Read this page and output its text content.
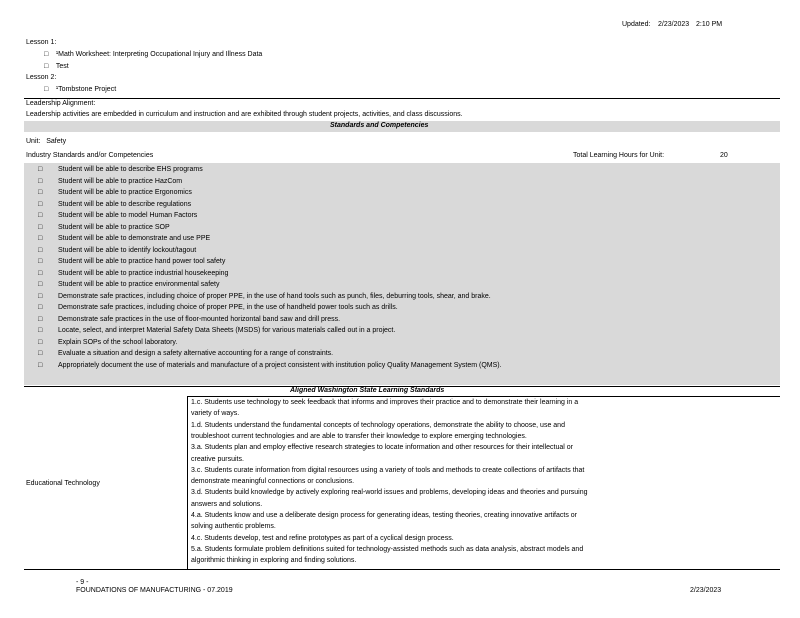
Updated: 2/23/2023 2:10 PM
Lesson 1:
□ ¹Math Worksheet: Interpreting Occupational Injury and Illness Data
□ Test
Lesson 2:
□ ¹Tombstone Project
Leadership Alignment:
Leadership activities are embedded in curriculum and instruction and are exhibited through student projects, activities, and class discussions.
Standards and Competencies
Unit: Safety
Industry Standards and/or Competencies	Total Learning Hours for Unit:	20
□ Student will be able to describe EHS programs
□ Student will be able to practice HazCom
□ Student will be able to practice Ergonomics
□ Student will be able to describe regulations
□ Student will be able to model Human Factors
□ Student will be able to practice SOP
□ Student will be able to demonstrate and use PPE
□ Student will be able to identify lockout/tagout
□ Student will be able to practice hand power tool safety
□ Student will be able to practice industrial housekeeping
□ Student will be able to practice environmental safety
□ Demonstrate safe practices, including choice of proper PPE, in the use of hand tools such as punch, files, deburring tools, shear, and brake.
□ Demonstrate safe practices, including choice of proper PPE, in the use of handheld power tools such as drills.
□ Demonstrate safe practices in the use of floor-mounted horizontal band saw and drill press.
□ Locate, select, and interpret Material Safety Data Sheets (MSDS) for various materials called out in a project.
□ Explain SOPs of the school laboratory.
□ Evaluate a situation and design a safety alternative accounting for a range of constraints.
□ Appropriately document the use of materials and manufacture of a project consistent with institution policy Quality Management System (QMS).
Aligned Washington State Learning Standards
Educational Technology
1.c. Students use technology to seek feedback that informs and improves their practice and to demonstrate their learning in a
variety of ways.
1.d. Students understand the fundamental concepts of technology operations, demonstrate the ability to choose, use and
troubleshoot current technologies and are able to transfer their knowledge to explore emerging technologies.
3.a. Students plan and employ effective research strategies to locate information and other resources for their intellectual or
creative pursuits.
3.c. Students curate information from digital resources using a variety of tools and methods to create collections of artifacts that
demonstrate meaningful connections or conclusions.
3.d. Students build knowledge by actively exploring real-world issues and problems, developing ideas and theories and pursuing
answers and solutions.
4.a. Students know and use a deliberate design process for generating ideas, testing theories, creating innovative artifacts or
solving authentic problems.
4.c. Students develop, test and refine prototypes as part of a cyclical design process.
5.a. Students formulate problem definitions suited for technology-assisted methods such as data analysis, abstract models and
algorithmic thinking in exploring and finding solutions.
- 9 -
FOUNDATIONS OF MANUFACTURING - 07.2019	2/23/2023
